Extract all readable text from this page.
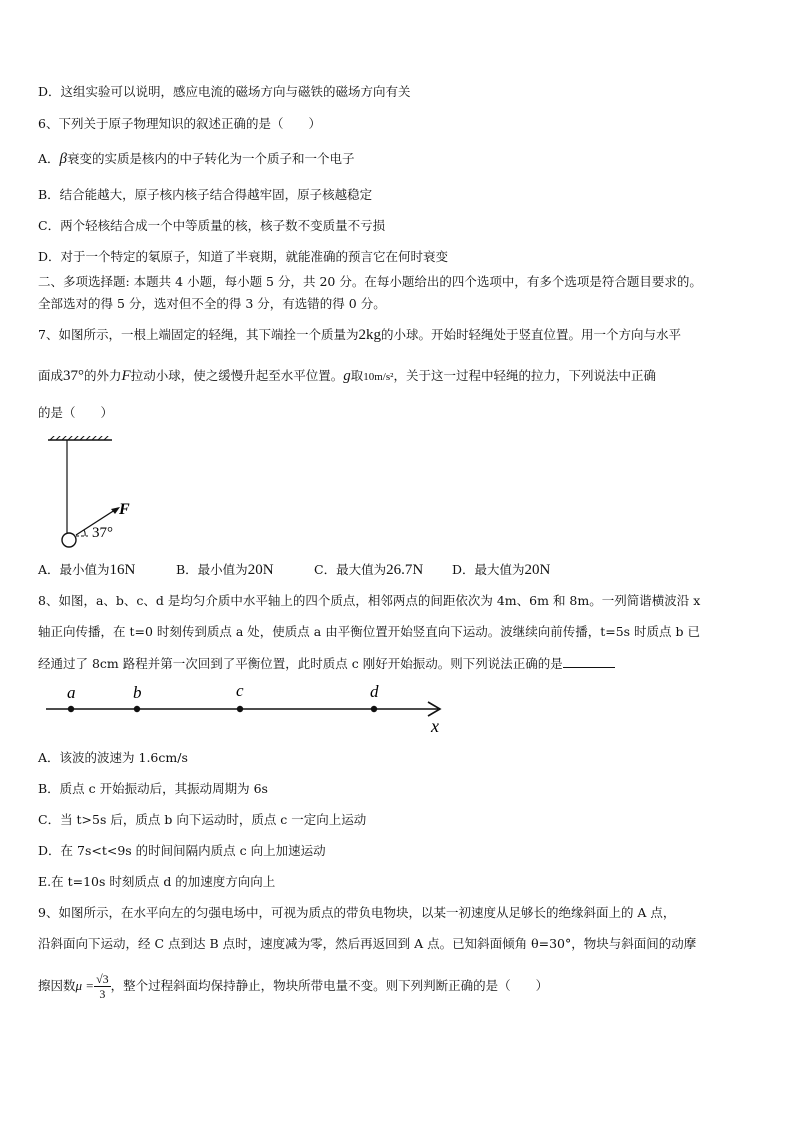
D．这组实验可以说明，感应电流的磁场方向与磁铁的磁场方向有关
6、下列关于原子物理知识的叙述正确的是（　　）
A．β衰变的实质是核内的中子转化为一个质子和一个电子
B．结合能越大，原子核内核子结合得越牢固，原子核越稳定
C．两个轻核结合成一个中等质量的核，核子数不变质量不亏损
D．对于一个特定的氡原子，知道了半衰期，就能准确的预言它在何时衰变
二、多项选择题: 本题共 4 小题，每小题 5 分，共 20 分。在每小题给出的四个选项中，有多个选项是符合题目要求的。
全部选对的得 5 分，选对但不全的得 3 分，有选错的得 0 分。
7、如图所示，一根上端固定的轻绳，其下端拴一个质量为2kg的小球。开始时轻绳处于竖直位置。用一个方向与水平
面成37°的外力F拉动小球，使之缓慢升起至水平位置。g取10m/s²，关于这一过程中轻绳的拉力，下列说法中正确
的是（　　）
F
37°
A．最小值为16N	B．最小值为20N	C．最大值为26.7N D．最大值为20N
8、如图，a、b、c、d 是均匀介质中水平轴上的四个质点，相邻两点的间距依次为 4m、6m 和 8m。一列简谐横波沿 x
轴正向传播，在 t=0 时刻传到质点 a 处，使质点 a 由平衡位置开始竖直向下运动。波继续向前传播，t=5s 时质点 b 已
经通过了 8cm 路程并第一次回到了平衡位置，此时质点 c 刚好开始振动。则下列说法正确的是
a	b	c	d
x
A．该波的波速为 1.6cm/s
B．质点 c 开始振动后，其振动周期为 6s
C．当 t>5s 后，质点 b 向下运动时，质点 c 一定向上运动
D．在 7s<t<9s 的时间间隔内质点 c 向上加速运动
E.在 t=10s 时刻质点 d 的加速度方向向上
9、如图所示，在水平向左的匀强电场中，可视为质点的带负电物块，以某一初速度从足够长的绝缘斜面上的 A 点，
沿斜面向下运动，经 C 点到达 B 点时，速度减为零，然后再返回到 A 点。已知斜面倾角 θ=30°，物块与斜面间的动摩
擦因数$\mu = \frac{√3}{3}$ ，整个过程斜面均保持静止，物块所带电量不变。则下列判断正确的是（　　）
